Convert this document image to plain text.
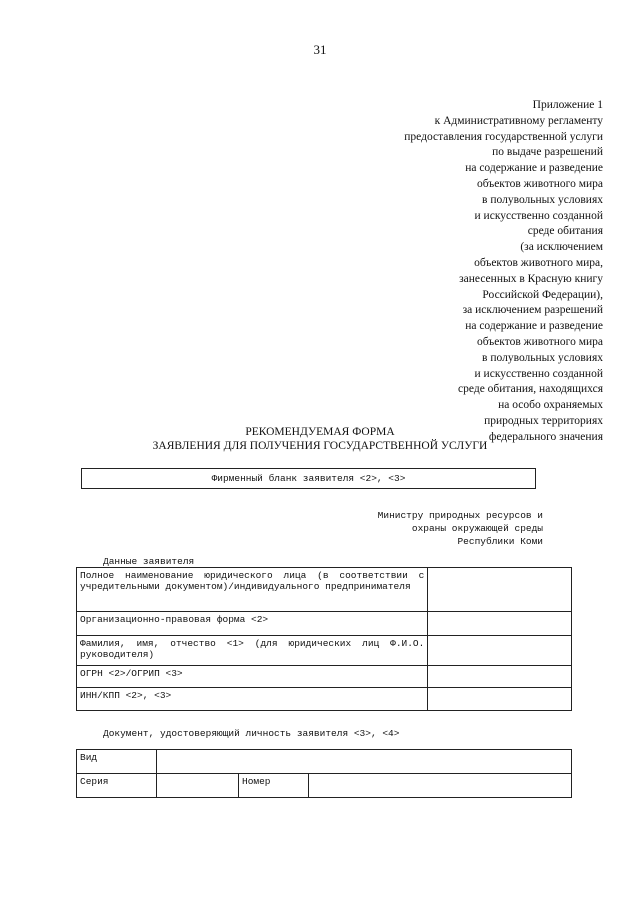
31
Приложение 1
к Административному регламенту
предоставления государственной услуги
по выдаче разрешений
на содержание и разведение
объектов животного мира
в полувольных условиях
и искусственно созданной
среде обитания
(за исключением
объектов животного мира,
занесенных в Красную книгу
Российской Федерации),
за исключением разрешений
на содержание и разведение
объектов животного мира
в полувольных условиях
и искусственно созданной
среде обитания, находящихся
на особо охраняемых
природных территориях
федерального значения
РЕКОМЕНДУЕМАЯ ФОРМА
ЗАЯВЛЕНИЯ ДЛЯ ПОЛУЧЕНИЯ ГОСУДАРСТВЕННОЙ УСЛУГИ
Фирменный бланк заявителя <2>, <3>
Министру природных ресурсов и
охраны окружающей среды
Республики Коми
Данные заявителя
Полное наименование юридического лица (в соответствии с учредительными документом)/индивидуального предпринимателя	
Организационно-правовая форма <2>	
Фамилия, имя, отчество <1> (для юридических лиц Ф.И.О. руководителя)	
ОГРН <2>/ОГРИП <3>	
ИНН/КПП <2>, <3>	
Документ, удостоверяющий личность заявителя <3>, <4>
Вид			
Серия		Номер	
